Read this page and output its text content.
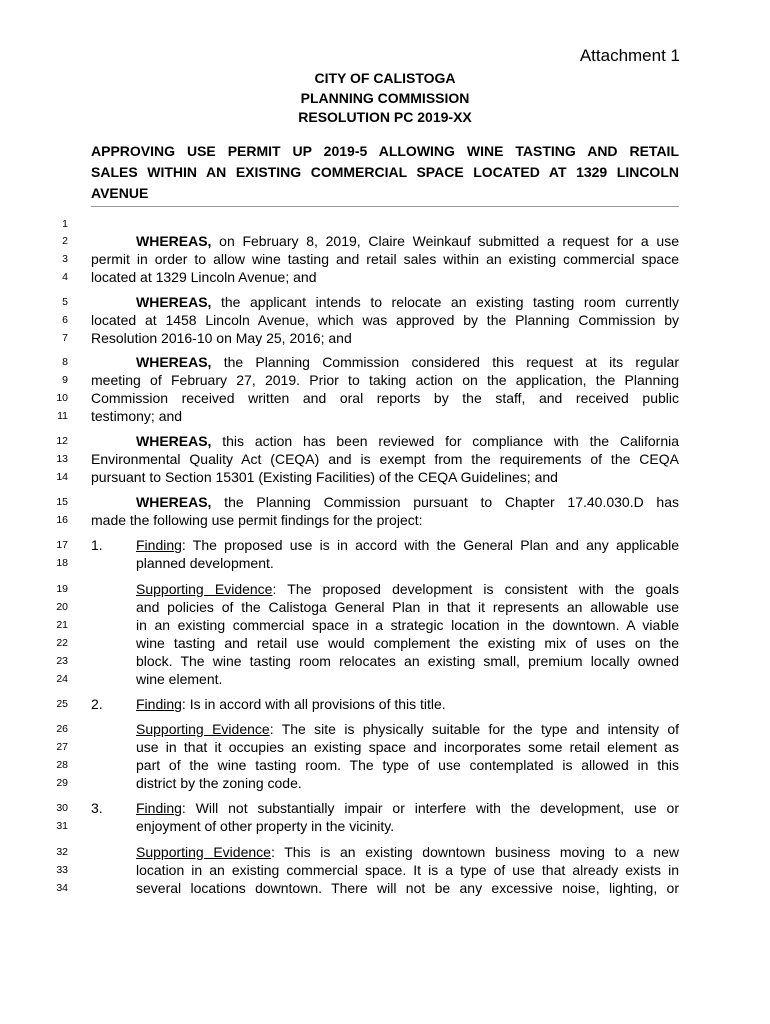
Attachment 1
CITY OF CALISTOGA
PLANNING COMMISSION
RESOLUTION PC 2019-XX
APPROVING USE PERMIT UP 2019-5 ALLOWING WINE TASTING AND RETAIL
SALES WITHIN AN EXISTING COMMERCIAL SPACE LOCATED AT 1329 LINCOLN
AVENUE
1
2
3
4
5
6
7
8
9
10
11
12
13
14
15
16
17
18
19
20
21
22
23
24
25
26
27
28
29
30
31
32
33
34
WHEREAS, on February 8, 2019, Claire Weinkauf submitted a request for a use
permit in order to allow wine tasting and retail sales within an existing commercial space
located at 1329 Lincoln Avenue; and
WHEREAS, the applicant intends to relocate an existing tasting room currently
located at 1458 Lincoln Avenue, which was approved by the Planning Commission by
Resolution 2016-10 on May 25, 2016; and
WHEREAS, the Planning Commission considered this request at its regular
meeting of February 27, 2019. Prior to taking action on the application, the Planning
Commission received written and oral reports by the staff, and received public
testimony; and
WHEREAS, this action has been reviewed for compliance with the California
Environmental Quality Act (CEQA) and is exempt from the requirements of the CEQA
pursuant to Section 15301 (Existing Facilities) of the CEQA Guidelines; and
WHEREAS, the Planning Commission pursuant to Chapter 17.40.030.D has
made the following use permit findings for the project:
1. Finding: The proposed use is in accord with the General Plan and any applicable
planned development.
Supporting Evidence: The proposed development is consistent with the goals
and policies of the Calistoga General Plan in that it represents an allowable use
in an existing commercial space in a strategic location in the downtown. A viable
wine tasting and retail use would complement the existing mix of uses on the
block. The wine tasting room relocates an existing small, premium locally owned
wine element.
2. Finding: Is in accord with all provisions of this title.
Supporting Evidence: The site is physically suitable for the type and intensity of
use in that it occupies an existing space and incorporates some retail element as
part of the wine tasting room. The type of use contemplated is allowed in this
district by the zoning code.
3. Finding: Will not substantially impair or interfere with the development, use or
enjoyment of other property in the vicinity.
Supporting Evidence: This is an existing downtown business moving to a new
location in an existing commercial space. It is a type of use that already exists in
several locations downtown. There will not be any excessive noise, lighting, or
